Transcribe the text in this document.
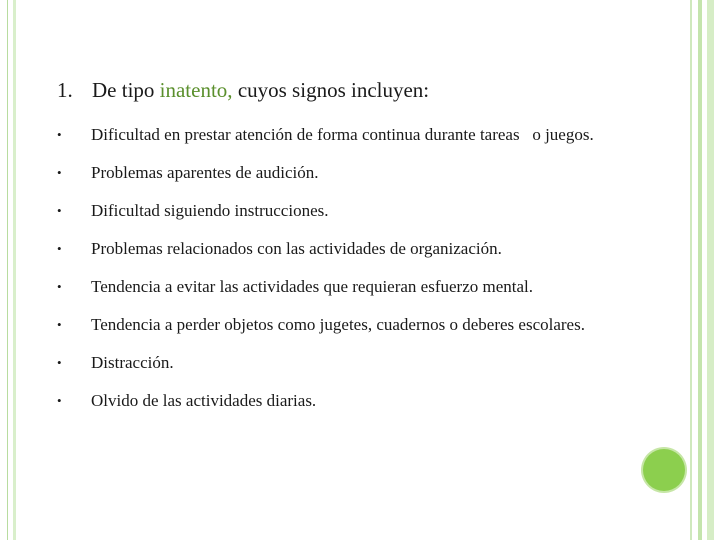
1. De tipo inatento, cuyos signos incluyen:
•	Dificultad en prestar atención de forma continua durante tareas   o juegos.
•	Problemas aparentes de audición.
•	Dificultad siguiendo instrucciones.
•	Problemas relacionados con las actividades de organización.
•	Tendencia a evitar las actividades que requieran esfuerzo mental.
•	Tendencia a perder objetos como jugetes, cuadernos o deberes escolares.
•	Distracción.
•	Olvido de las actividades diarias.
